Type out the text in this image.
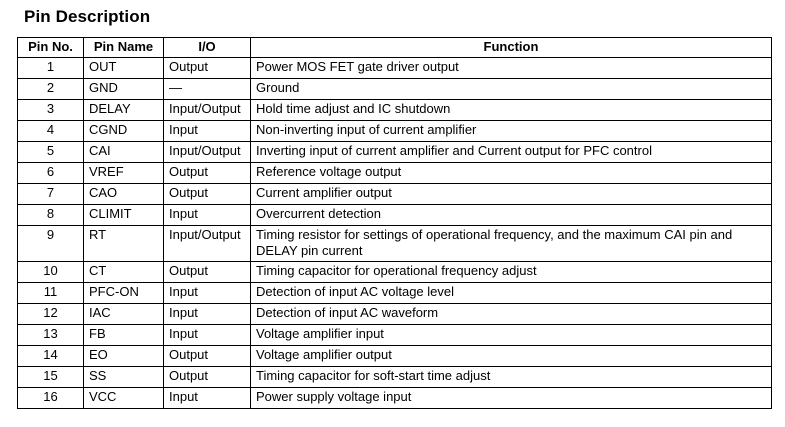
Pin Description
Pin No.	Pin Name	I/O	Function
1	OUT	Output	Power MOS FET gate driver output
2	GND	—	Ground
3	DELAY	Input/Output	Hold time adjust and IC shutdown
4	CGND	Input	Non-inverting input of current amplifier
5	CAI	Input/Output	Inverting input of current amplifier and Current output for PFC control
6	VREF	Output	Reference voltage output
7	CAO	Output	Current amplifier output
8	CLIMIT	Input	Overcurrent detection
9	RT	Input/Output	Timing resistor for settings of operational frequency, and the maximum CAI pin and DELAY pin current
10	CT	Output	Timing capacitor for operational frequency adjust
11	PFC-ON	Input	Detection of input AC voltage level
12	IAC	Input	Detection of input AC waveform
13	FB	Input	Voltage amplifier input
14	EO	Output	Voltage amplifier output
15	SS	Output	Timing capacitor for soft-start time adjust
16	VCC	Input	Power supply voltage input
